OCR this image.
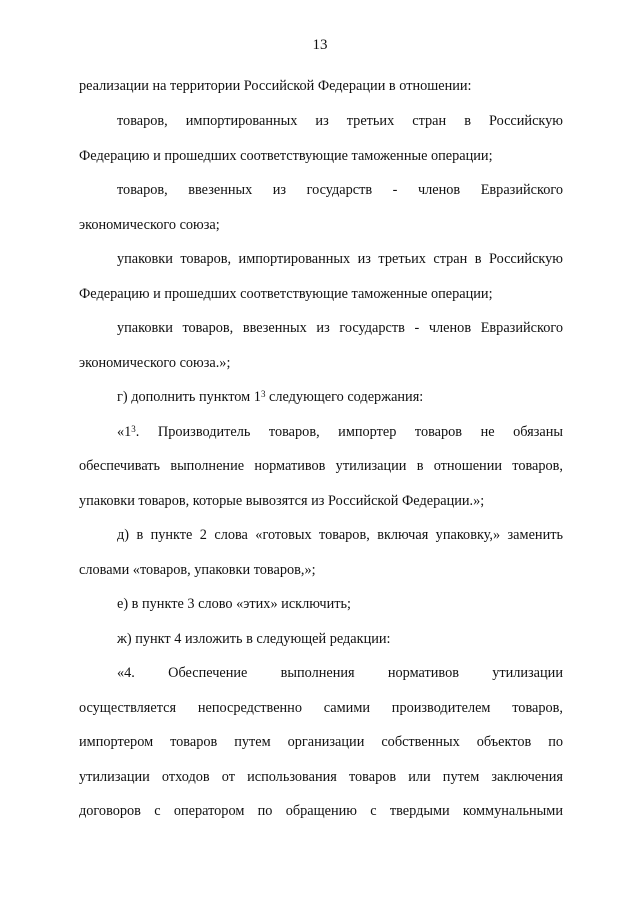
13
реализации на территории Российской Федерации в отношении:
товаров, импортированных из третьих стран в Российскую
Федерацию и прошедших соответствующие таможенные операции;
товаров, ввезенных из государств - членов Евразийского
экономического союза;
упаковки товаров, импортированных из третьих стран в Российскую
Федерацию и прошедших соответствующие таможенные операции;
упаковки товаров, ввезенных из государств - членов Евразийского
экономического союза.»;
г) дополнить пунктом $1^3$ следующего содержания:
«$1^3$. Производитель товаров, импортер товаров не обязаны
обеспечивать выполнение нормативов утилизации в отношении товаров,
упаковки товаров, которые вывозятся из Российской Федерации.»;
д) в пункте 2 слова «готовых товаров, включая упаковку,» заменить
словами «товаров, упаковки товаров,»;
е) в пункте 3 слово «этих» исключить;
ж) пункт 4 изложить в следующей редакции:
«4. Обеспечение выполнения нормативов утилизации
осуществляется непосредственно самими производителем товаров,
импортером товаров путем организации собственных объектов по
утилизации отходов от использования товаров или путем заключения
договоров с оператором по обращению с твердыми коммунальными
